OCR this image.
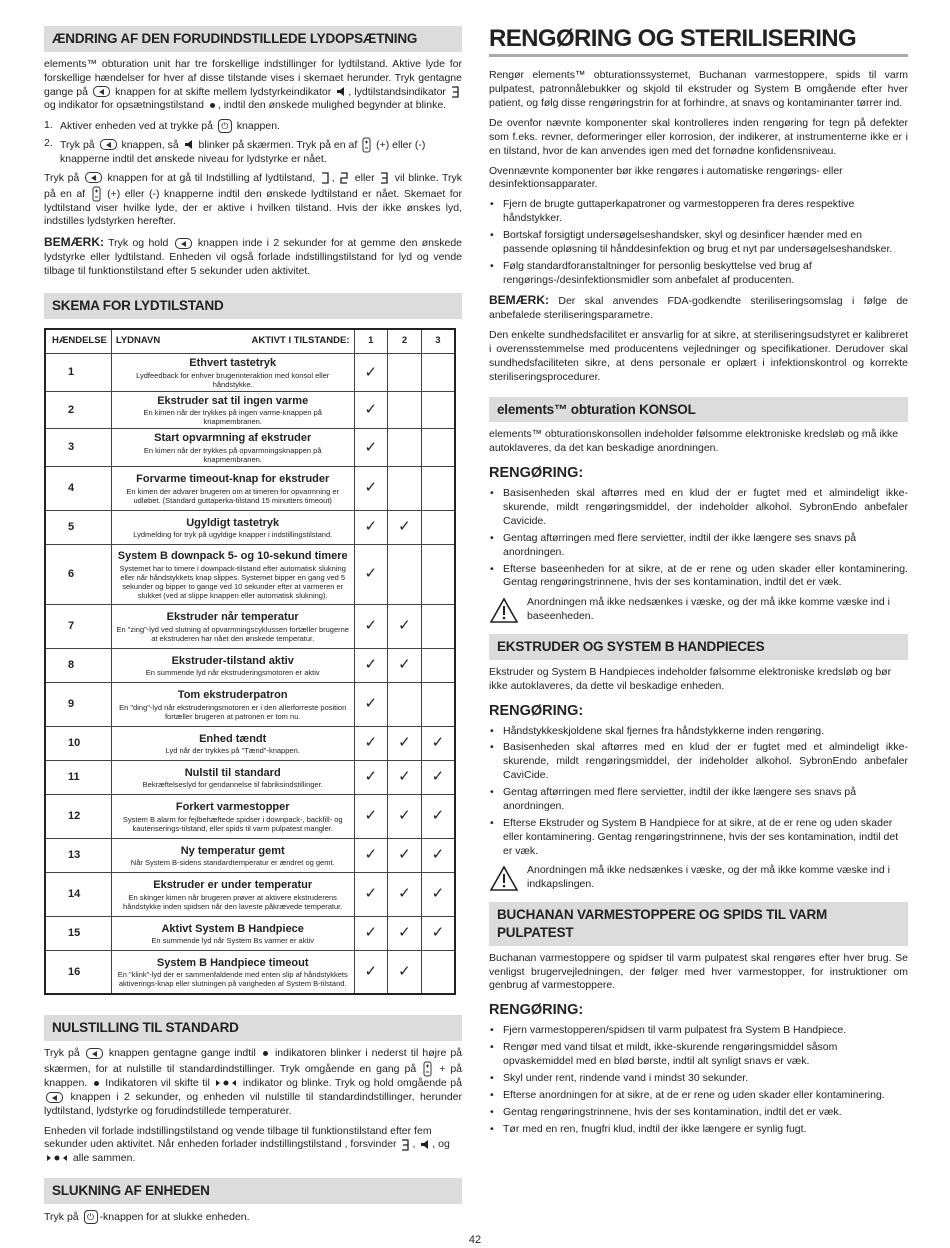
ÆNDRING AF DEN FORUDINDSTILLEDE LYDOPSÆTNING
elements™ obturation unit har tre forskellige indstillinger for lydtilstand. Aktive lyde for forskellige hændelser for hver af disse tilstande vises i skemaet herunder. Tryk gentagne gange på	knappen for at skifte mellem lydstyrkeindikator , lydtilstandsindikator  og indikator for opsætningstilstand , indtil den ønskede mulighed begynder at blinke.
1. Aktiver enheden ved at trykke på ⏻ knappen.
2. Tryk på	knappen, så blinker på skærmen. Tryk på en af (+) eller (-) knapperne indtil det ønskede niveau for lydstyrke er nået.
Tryk på	knappen for at gå til Indstilling af lydtilstand, ,  eller vil blinke. Tryk på en af (+) eller (-) knapperne indtil den ønskede lydtilstand er nået. Skemaet for lydtilstand viser hvilke lyde, der er aktive i hvilken tilstand. Hvis der ikke ønskes lyd, indstilles lydstyrken herefter.
BEMÆRK: Tryk og hold	knappen inde i 2 sekunder for at gemme den ønskede lydstyrke eller lydtilstand. Enheden vil også forlade indstillingstilstand for lyd og vende tilbage til funktionstilstand efter 5 sekunder uden aktivitet.
SKEMA FOR LYDTILSTAND
HÆNDELSE	LYDNAVN AKTIVT I TILSTANDE:	1	2	3
1	Ethvert tastetryk
Lydfeedback for enhver brugerinteraktion med konsol eller håndstykke.	✓		
2	Ekstruder sat til ingen varme
En kimen når der trykkes på ingen varme-knappen på knapmembranen.	✓		
3	Start opvarmning af ekstruder
En kimen når der trykkes på opvarmningsknappen på knapmembranen.	✓		
4	Forvarme timeout-knap for ekstruder
En kimen der advarer brugeren om at timeren for opvarmning er udløbet. (Standard guttaperka-tilstand 15 minutters timeout)	✓		
5	Ugyldigt tastetryk
Lydmelding for tryk på ugyldige knapper i indstillingstilstand.	✓	✓	
6	System B downpack 5- og 10-sekund timere
Systemet har to timere i downpack-tilstand efter automatisk slukning eller når håndstykkets knap slippes. Systemet bipper en gang ved 5 sekunder og bipper to gange ved 10 sekunder efter at varmeren er slukket (ved at slippe knappen eller automatisk slukning).	✓		
7	Ekstruder når temperatur
En "zing"-lyd ved slutning af opvarmningscyklussen fortæller brugerne at ekstruderen har nået den ønskede temperatur.	✓	✓	
8	Ekstruder-tilstand aktiv
En summende lyd når ekstruderingsmotoren er aktiv	✓	✓	
9	Tom ekstruderpatron
En "ding"-lyd når ekstruderingsmotoren er i den allerforreste position fortæller brugeren at patronen er tom nu.	✓		
10	Enhed tændt
Lyd når der trykkes på "Tænd"-knappen.	✓	✓	✓
11	Nulstil til standard
Bekræftelseslyd for gendannelse til fabriksindstillinger.	✓	✓	✓
12	Forkert varmestopper
System B alarm for fejlbehæftede spidser i downpack-, backfill- og kauteriserings-tilstand, eller spids til varm pulpatest mangler.	✓	✓	✓
13	Ny temperatur gemt
Når System B-sidens standardtemperatur er ændret og gemt.	✓	✓	✓
14	Ekstruder er under temperatur
En skinger kimen når brugeren prøver at aktivere ekstruderens håndstykke inden spidsen når den laveste påkrævede temperatur.	✓	✓	✓
15	Aktivt System B Handpiece
En summende lyd når System Bs varmer er aktiv	✓	✓	✓
16	System B Handpiece timeout
En "klink"-lyd der er sammenfaldende med enten slip af håndstykkets aktiverings-knap eller slutningen på varigheden af System B-tilstand.	✓	✓	
NULSTILLING TIL STANDARD
Tryk på	knappen gentagne gange indtil indikatoren blinker i nederst til højre på skærmen, for at nulstille til standardindstillinger. Tryk omgående en gang på + på knappen. Indikatoren vil skifte til	indikator og blinke. Tryk og hold omgående på  knappen i 2 sekunder, og enheden vil nulstille til standardindstillinger, herunder lydtilstand, lydstyrke og forudindstillede temperaturer.
Enheden vil forlade indstillingstilstand og vende tilbage til funktionstilstand efter fem sekunder uden aktivitet. Når enheden forlader indstillingstilstand , forsvinder , , og  alle sammen.
SLUKNING AF ENHEDEN
Tryk på ⏻ -knappen for at slukke enheden.
RENGØRING OG STERILISERING
Rengør elements™ obturationssystemet, Buchanan varmestoppere, spids til varm pulpatest, patronnålebukker og skjold til ekstruder og System B omgående efter hver patient, og følg disse rengøringstrin for at forhindre, at snavs og kontaminanter tørrer ind.
De ovenfor nævnte komponenter skal kontrolleres inden rengøring for tegn på defekter som f.eks. revner, deformeringer eller korrosion, der indikerer, at instrumenterne ikke er i en tilstand, hvor de kan anvendes igen med det fornødne konfidensniveau.
Ovennævnte komponenter bør ikke rengøres i automatiske rengørings- eller desinfektionsapparater.
• Fjern de brugte guttaperkapatroner og varmestopperen fra deres respektive håndstykker.
• Bortskaf forsigtigt undersøgelseshandsker, skyl og desinficer hænder med en passende opløsning til hånddesinfektion og brug et nyt par undersøgelseshandsker.
• Følg standardforanstaltninger for personlig beskyttelse ved brug af rengørings-/desinfektionsmidler som anbefalet af producenten.
BEMÆRK: Der skal anvendes FDA-godkendte steriliseringsomslag i følge de anbefalede steriliseringsparametre.
Den enkelte sundhedsfacilitet er ansvarlig for at sikre, at steriliseringsudstyret er kalibreret i overensstemmelse med producentens vejledninger og specifikationer. Derudover skal sundhedsfaciliteten sikre, at dens personale er oplært i infektionskontrol og korrekte steriliseringsprocedurer.
elements™ obturation KONSOL
elements™ obturationskonsollen indeholder følsomme elektroniske kredsløb og må ikke autoklaveres, da det kan beskadige anordningen.
RENGØRING:
• Basisenheden skal aftørres med en klud der er fugtet med et almindeligt ikke-skurende, mildt rengøringsmiddel, der indeholder alkohol. SybronEndo anbefaler Cavicide.
• Gentag aftørringen med flere servietter, indtil der ikke længere ses snavs på anordningen.
• Efterse baseenheden for at sikre, at de er rene og uden skader eller kontaminering. Gentag rengøringstrinnene, hvis der ses kontamination, indtil det er væk.
Anordningen må ikke nedsænkes i væske, og der må ikke komme væske ind i baseenheden.
EKSTRUDER OG SYSTEM B HANDPIECES
Ekstruder og System B Handpieces indeholder følsomme elektroniske kredsløb og bør ikke autoklaveres, da dette vil beskadige enheden.
RENGØRING:
• Håndstykkeskjoldene skal fjernes fra håndstykkerne inden rengøring.
• Basisenheden skal aftørres med en klud der er fugtet med et almindeligt ikke-skurende, mildt rengøringsmiddel, der indeholder alkohol. SybronEndo anbefaler CaviCide.
• Gentag aftørringen med flere servietter, indtil der ikke længere ses snavs på anordningen.
• Efterse Ekstruder og System B Handpiece for at sikre, at de er rene og uden skader eller kontaminering. Gentag rengøringstrinnene, hvis der ses kontamination, indtil det er væk.
Anordningen må ikke nedsænkes i væske, og der må ikke komme væske ind i indkapslingen.
BUCHANAN VARMESTOPPERE OG SPIDS TIL VARM PULPATEST
Buchanan varmestoppere og spidser til varm pulpatest skal rengøres efter hver brug. Se venligst brugervejledningen, der følger med hver varmestopper, for instruktioner om genbrug af varmestoppere.
RENGØRING:
• Fjern varmestopperen/spidsen til varm pulpatest fra System B Handpiece.
• Rengør med vand tilsat et mildt, ikke-skurende rengøringsmiddel såsom opvaskemiddel med en blød børste, indtil alt synligt snavs er væk.
• Skyl under rent, rindende vand i mindst 30 sekunder.
• Efterse anordningen for at sikre, at de er rene og uden skader eller kontaminering.
• Gentag rengøringstrinnene, hvis der ses kontamination, indtil det er væk.
• Tør med en ren, fnugfri klud, indtil der ikke længere er synlig fugt.
42
